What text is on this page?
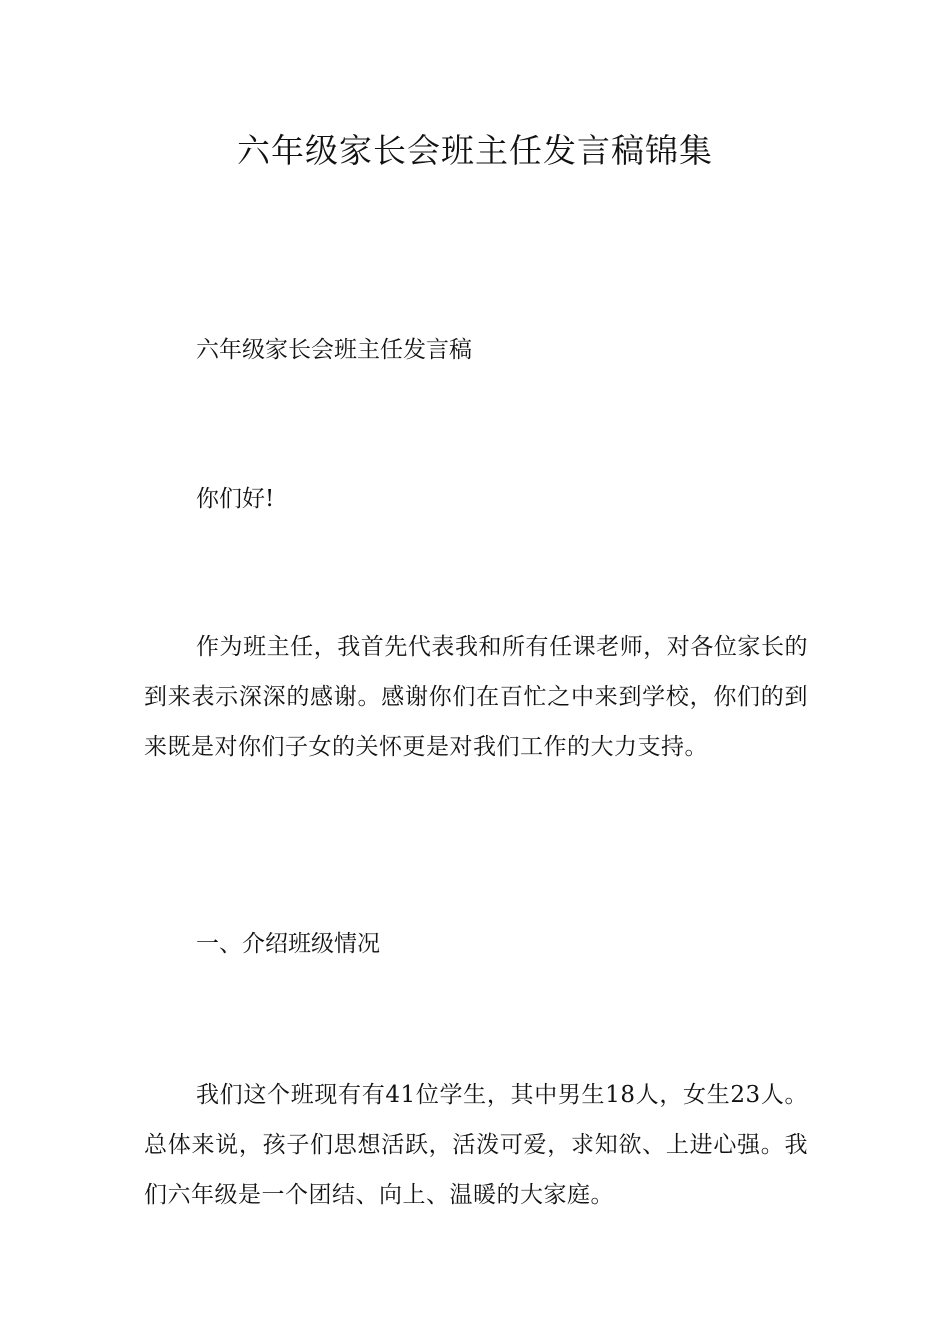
六年级家长会班主任发言稿锦集
六年级家长会班主任发言稿
你们好!
作为班主任，我首先代表我和所有任课老师，对各位家长的到来表示深深的感谢。感谢你们在百忙之中来到学校，你们的到来既是对你们子女的关怀更是对我们工作的大力支持。
一、介绍班级情况
我们这个班现有有41位学生，其中男生18人，女生23人。总体来说，孩子们思想活跃，活泼可爱，求知欲、上进心强。我们六年级是一个团结、向上、温暖的大家庭。
